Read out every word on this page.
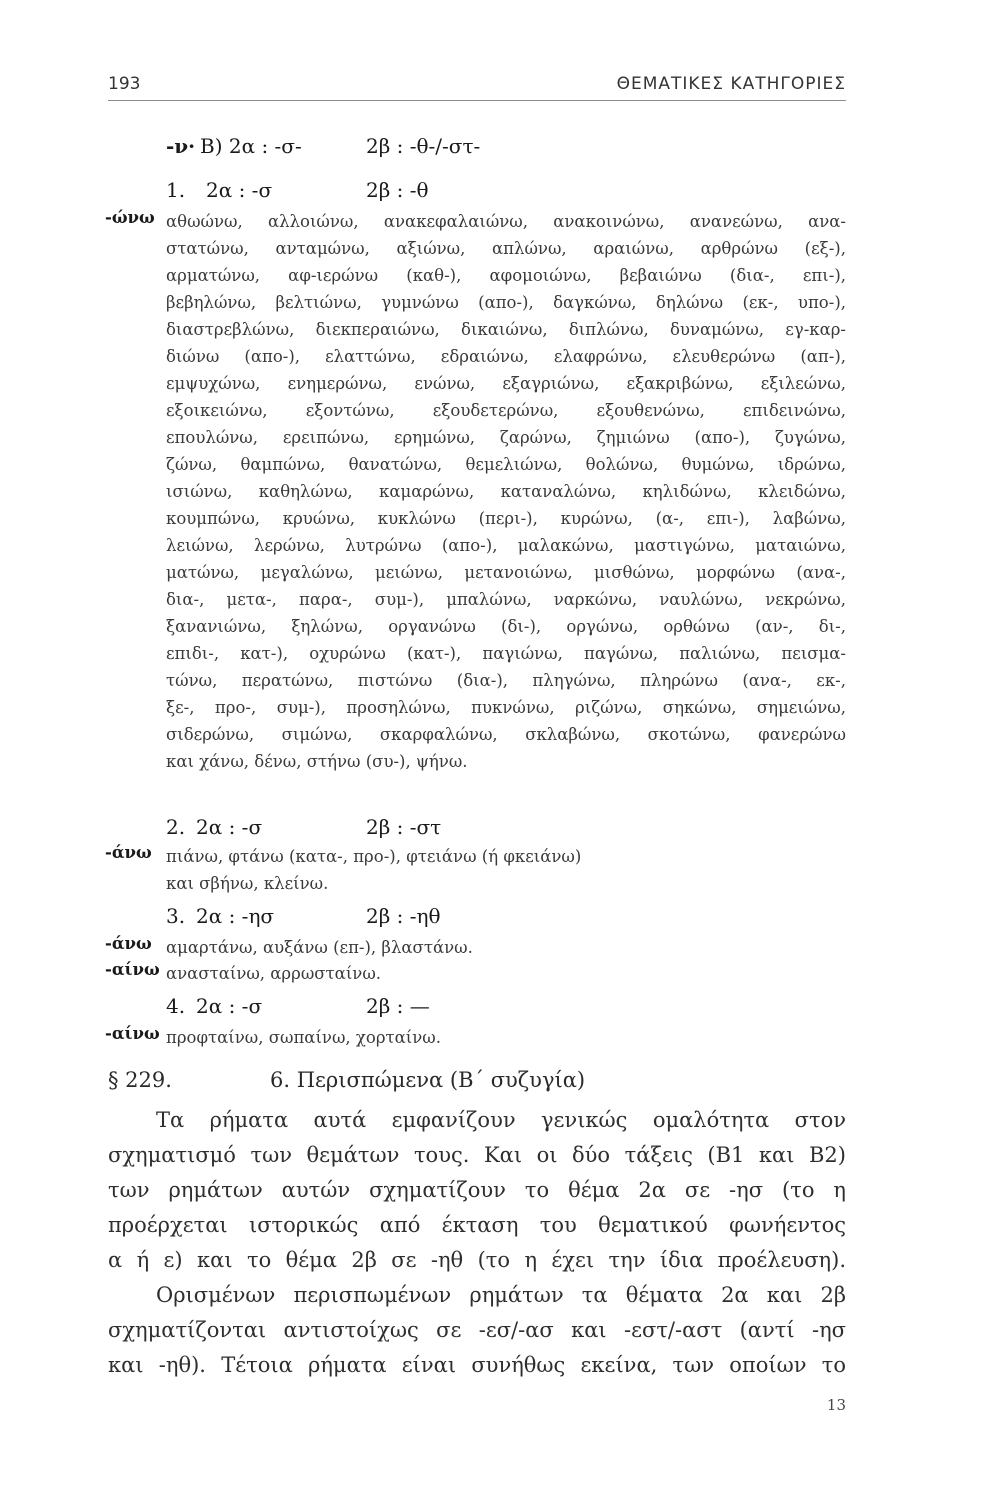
193	ΘΕΜΑΤΙΚΕΣ ΚΑΤΗΓΟΡΙΕΣ
-ν· Β) 2α : -σ-	2β : -θ-/-στ-
1. 2α : -σ	2β : -θ
-ώνω αθωώνω, αλλοιώνω, ανακεφαλαιώνω, ανακοινώνω, ανανεώνω, ανα-
στατώνω, ανταμώνω, αξιώνω, απλώνω, αραιώνω, αρθρώνω (εξ-),
αρματώνω, αφ-ιερώνω (καθ-), αφομοιώνω, βεβαιώνω (δια-, επι-),
βεβηλώνω, βελτιώνω, γυμνώνω (απο-), δαγκώνω, δηλώνω (εκ-, υπο-),
διαστρεβλώνω, διεκπεραιώνω, δικαιώνω, διπλώνω, δυναμώνω, εγ-καρ-
διώνω (απο-), ελαττώνω, εδραιώνω, ελαφρώνω, ελευθερώνω (απ-),
εμψυχώνω, ενημερώνω, ενώνω, εξαγριώνω, εξακριβώνω, εξιλεώνω,
εξοικειώνω, εξοντώνω, εξουδετερώνω, εξουθενώνω, επιδεινώνω,
επουλώνω, ερειπώνω, ερημώνω, ζαρώνω, ζημιώνω (απο-), ζυγώνω,
ζώνω, θαμπώνω, θανατώνω, θεμελιώνω, θολώνω, θυμώνω, ιδρώνω,
ισιώνω, καθηλώνω, καμαρώνω, καταναλώνω, κηλιδώνω, κλειδώνω,
κουμπώνω, κρυώνω, κυκλώνω (περι-), κυρώνω, (α-, επι-), λαβώνω,
λειώνω, λερώνω, λυτρώνω (απο-), μαλακώνω, μαστιγώνω, ματαιώνω,
ματώνω, μεγαλώνω, μειώνω, μετανοιώνω, μισθώνω, μορφώνω (ανα-,
δια-, μετα-, παρα-, συμ-), μπαλώνω, ναρκώνω, ναυλώνω, νεκρώνω,
ξανανιώνω, ξηλώνω, οργανώνω (δι-), οργώνω, ορθώνω (αν-, δι-,
επιδι-, κατ-), οχυρώνω (κατ-), παγιώνω, παγώνω, παλιώνω, πεισμα-
τώνω, περατώνω, πιστώνω (δια-), πληγώνω, πληρώνω (ανα-, εκ-,
ξε-, προ-, συμ-), προσηλώνω, πυκνώνω, ριζώνω, σηκώνω, σημειώνω,
σιδερώνω, σιμώνω, σκαρφαλώνω, σκλαβώνω, σκοτώνω, φανερώνω
και χάνω, δένω, στήνω (συ-), ψήνω.
2. 2α : -σ	2β : -στ
-άνω πιάνω, φτάνω (κατα-, προ-), φτειάνω (ή φκειάνω)
και σβήνω, κλείνω.
3. 2α : -ησ	2β : -ηθ
-άνω αμαρτάνω, αυξάνω (επ-), βλαστάνω.
-αίνω ανασταίνω, αρρωσταίνω.
4. 2α : -σ	2β : —
-αίνω προφταίνω, σωπαίνω, χορταίνω.
§ 229.	6. Περισπώμενα (Β΄ συζυγία)
Τα ρήματα αυτά εμφανίζουν γενικώς ομαλότητα στον
σχηματισμό των θεμάτων τους. Και οι δύο τάξεις (Β1 και Β2)
των ρημάτων αυτών σχηματίζουν το θέμα 2α σε -ησ (το η
προέρχεται ιστορικώς από έκταση του θεματικού φωνήεντος
α ή ε) και το θέμα 2β σε -ηθ (το η έχει την ίδια προέλευση).
Ορισμένων περισπωμένων ρημάτων τα θέματα 2α και 2β
σχηματίζονται αντιστοίχως σε -εσ/-ασ και -εστ/-αστ (αντί -ησ
και -ηθ). Τέτοια ρήματα είναι συνήθως εκείνα, των οποίων το
13
